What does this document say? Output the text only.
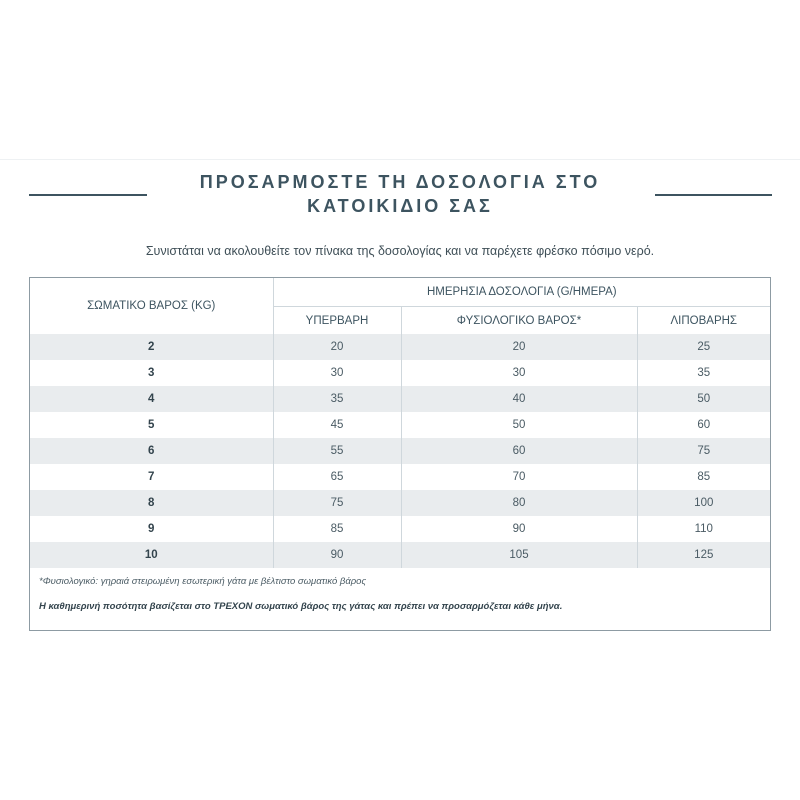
ΠΡΟΣΑΡΜΟΣΤΕ ΤΗ ΔΟΣΟΛΟΓΙΑ ΣΤΟ
ΚΑΤΟΙΚΙΔΙΟ ΣΑΣ
Συνιστάται να ακολουθείτε τον πίνακα της δοσολογίας και να παρέχετε φρέσκο πόσιμο νερό.
ΣΩΜΑΤΙΚΟ ΒΑΡΟΣ (KG)	ΗΜΕΡΗΣΙΑ ΔΟΣΟΛΟΓΙΑ (G/ΗΜΕΡΑ)		
	ΥΠΕΡΒΑΡΗ	ΦΥΣΙΟΛΟΓΙΚΟ ΒΑΡΟΣ*	ΛΙΠΟΒΑΡΗΣ
2	20	20	25
3	30	30	35
4	35	40	50
5	45	50	60
6	55	60	75
7	65	70	85
8	75	80	100
9	85	90	110
10	90	105	125
*Φυσιολογικό: γηραιά στειρωμένη εσωτερική γάτα με βέλτιστο σωματικό βάρος
Η καθημερινή ποσότητα βασίζεται στο ΤΡΕΧΟΝ σωματικό βάρος της γάτας και πρέπει να προσαρμόζεται κάθε μήνα.
